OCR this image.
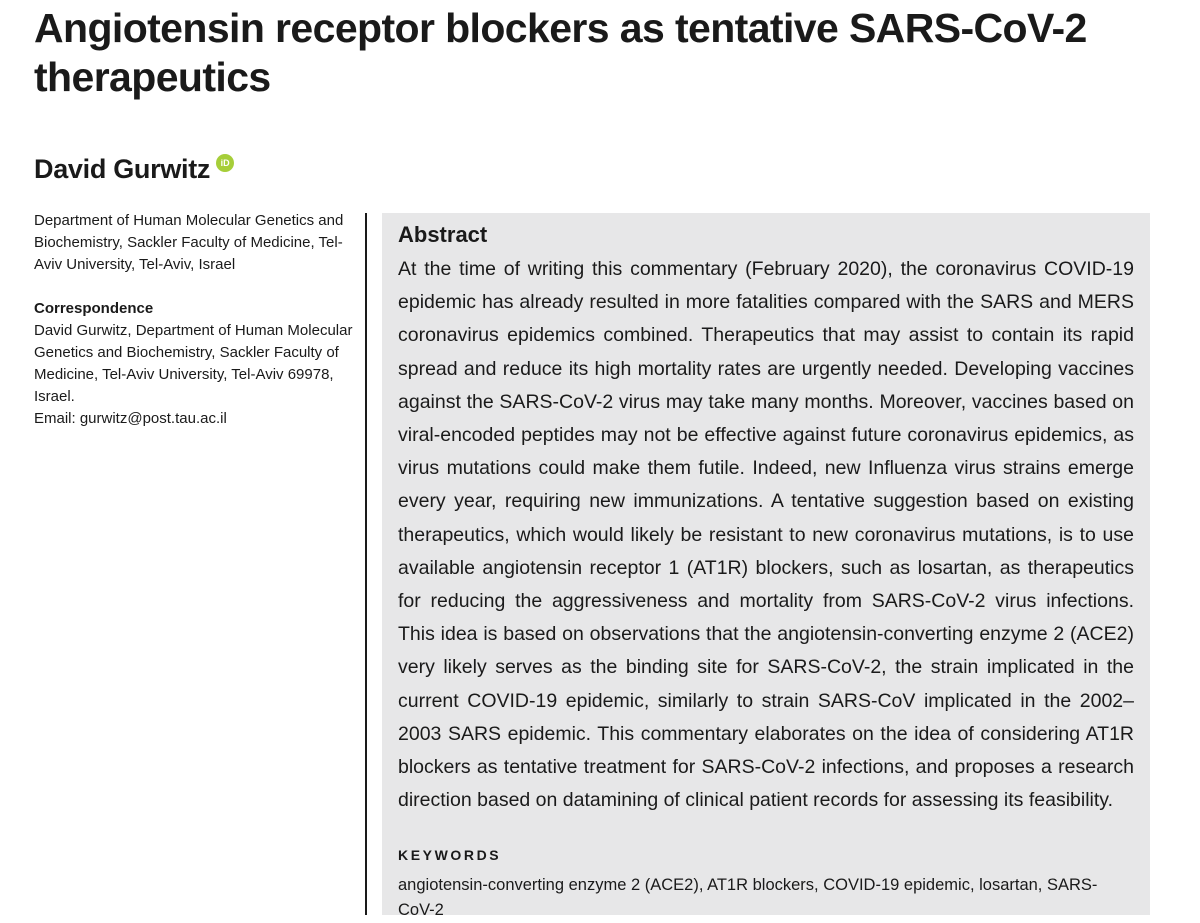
Angiotensin receptor blockers as tentative SARS-CoV-2 therapeutics
David Gurwitz	iD

Department of Human Molecular Genetics and Biochemistry, Sackler Faculty of Medicine, Tel-Aviv University, Tel-Aviv, Israel

Correspondence

David Gurwitz, Department of Human Molecular Genetics and Biochemistry, Sackler Faculty of Medicine, Tel-Aviv University, Tel-Aviv 69978, Israel.

Email: gurwitz@post.tau.ac.il

Abstract

At the time of writing this commentary (February 2020), the coronavirus COVID-19 epidemic has already resulted in more fatalities compared with the SARS and MERS coronavirus epidemics combined. Therapeutics that may assist to contain its rapid spread and reduce its high mortality rates are urgently needed. Developing vaccines against the SARS-CoV-2 virus may take many months. Moreover, vaccines based on viral-encoded peptides may not be effective against future coronavirus epidemics, as virus mutations could make them futile. Indeed, new Influenza virus strains emerge every year, requiring new immunizations. A tentative suggestion based on existing therapeutics, which would likely be resistant to new coronavirus mutations, is to use available angiotensin receptor 1 (AT1R) blockers, such as losartan, as therapeutics for reducing the aggressiveness and mortality from SARS-CoV-2 virus infections. This idea is based on observations that the angiotensin-converting enzyme 2 (ACE2) very likely serves as the binding site for SARS-CoV-2, the strain implicated in the current COVID-19 epidemic, similarly to strain SARS-CoV implicated in the 2002–2003 SARS epidemic. This commentary elaborates on the idea of considering AT1R blockers as tentative treatment for SARS-CoV-2 infections, and proposes a research direction based on datamining of clinical patient records for assessing its feasibility.

KEYWORDS

angiotensin-converting enzyme 2 (ACE2), AT1R blockers, COVID-19 epidemic, losartan, SARS-CoV-2
